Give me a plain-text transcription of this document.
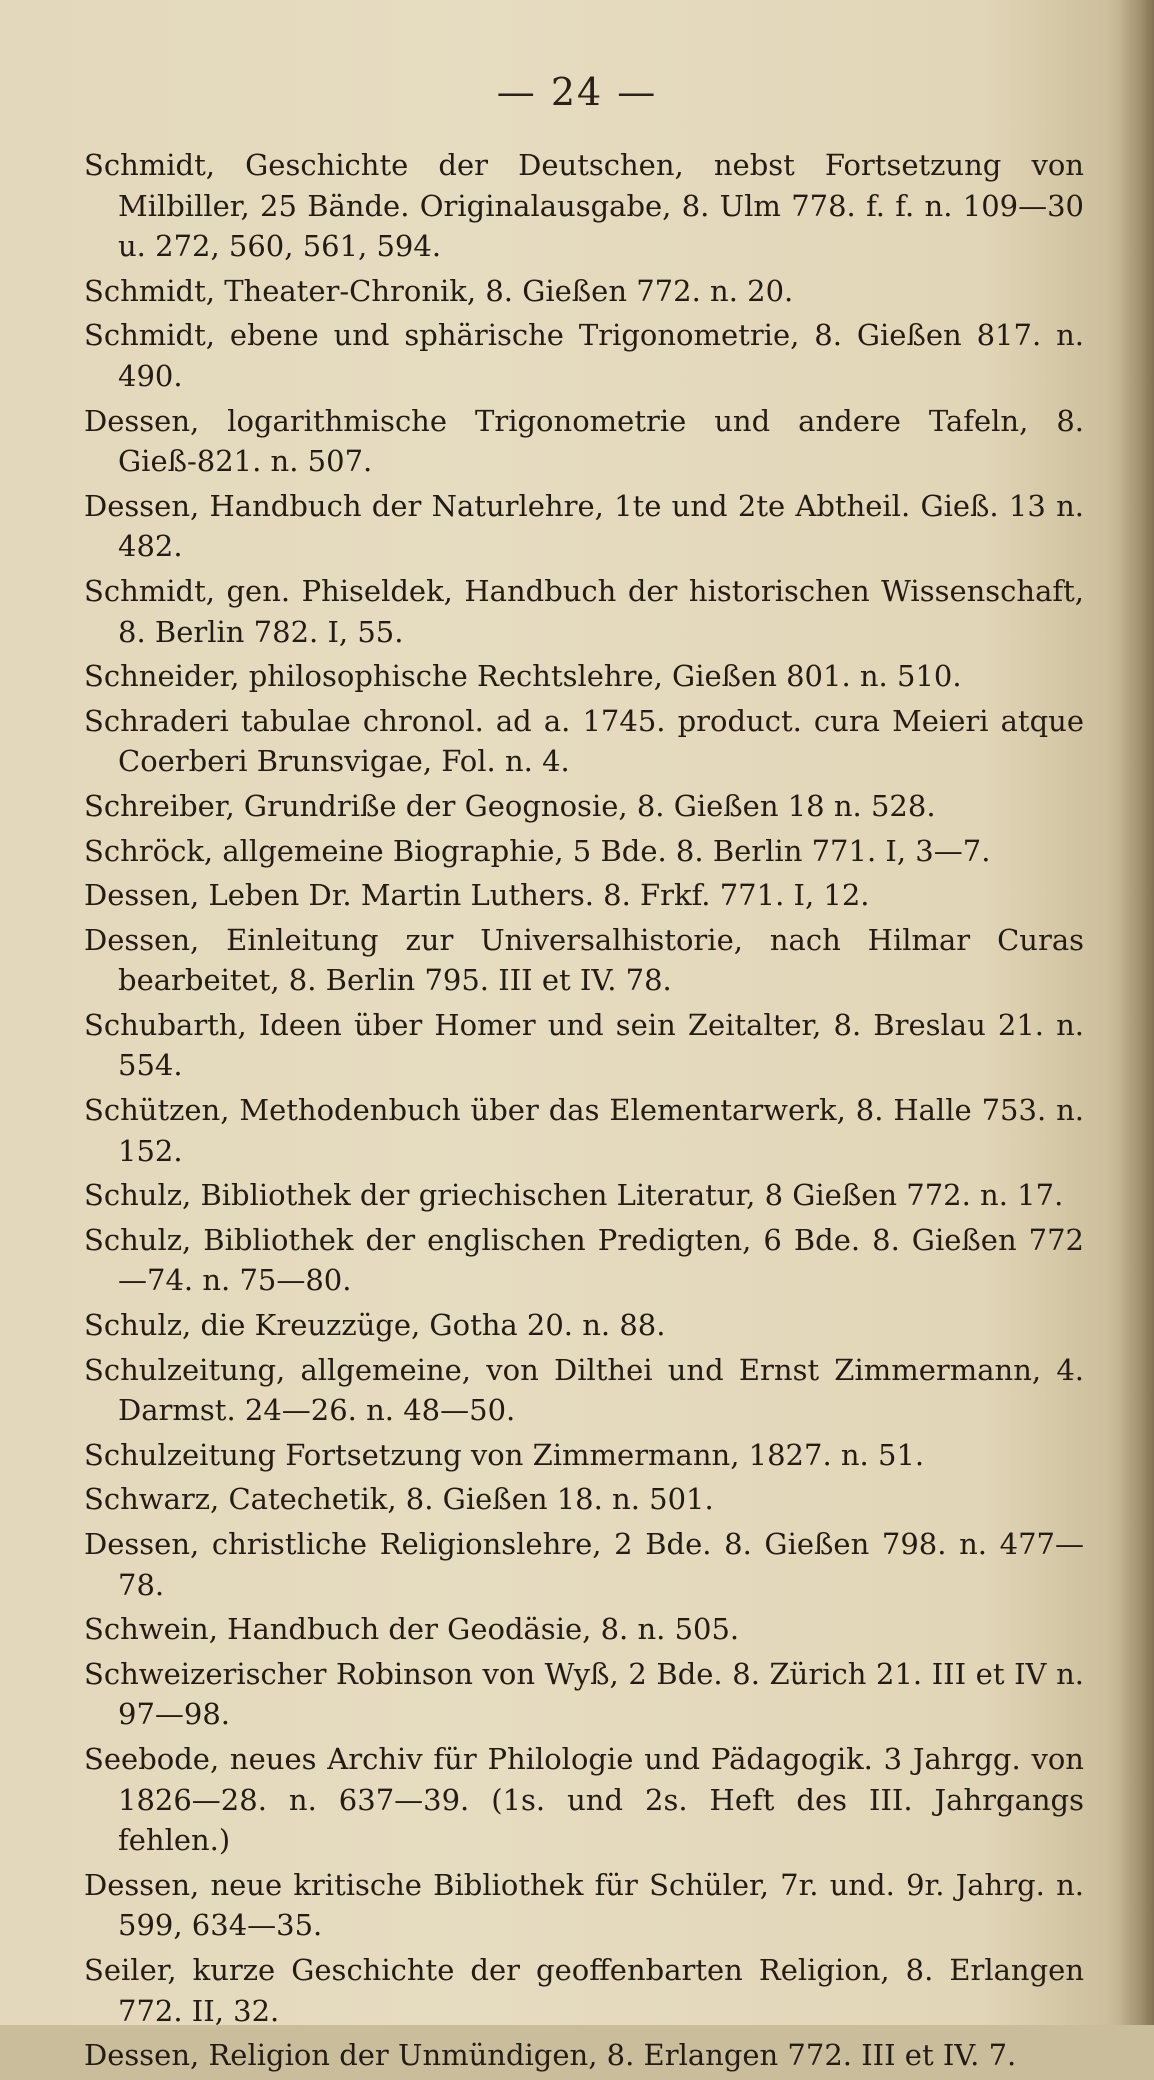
— 24 —
Schmidt, Geschichte der Deutschen, nebst Fortsetzung von Milbiller, 25 Bände. Originalausgabe, 8. Ulm 778. f. f. n. 109—30 u. 272, 560, 561, 594.
Schmidt, Theater-Chronik, 8. Gießen 772. n. 20.
Schmidt, ebene und sphärische Trigonometrie, 8. Gießen 817. n. 490.
Dessen, logarithmische Trigonometrie und andere Tafeln, 8. Gieß-821. n. 507.
Dessen, Handbuch der Naturlehre, 1te und 2te Abtheil. Gieß. 13 n. 482.
Schmidt, gen. Phiseldek, Handbuch der historischen Wissenschaft, 8. Berlin 782. I, 55.
Schneider, philosophische Rechtslehre, Gießen 801. n. 510.
Schraderi tabulae chronol. ad a. 1745. product. cura Meieri atque Coerberi Brunsvigae, Fol. n. 4.
Schreiber, Grundriße der Geognosie, 8. Gießen 18 n. 528.
Schröck, allgemeine Biographie, 5 Bde. 8. Berlin 771. I, 3—7.
Dessen, Leben Dr. Martin Luthers. 8. Frkf. 771. I, 12.
Dessen, Einleitung zur Universalhistorie, nach Hilmar Curas bearbeitet, 8. Berlin 795. III et IV. 78.
Schubarth, Ideen über Homer und sein Zeitalter, 8. Breslau 21. n. 554.
Schützen, Methodenbuch über das Elementarwerk, 8. Halle 753. n. 152.
Schulz, Bibliothek der griechischen Literatur, 8 Gießen 772. n. 17.
Schulz, Bibliothek der englischen Predigten, 6 Bde. 8. Gießen 772—74. n. 75—80.
Schulz, die Kreuzzüge, Gotha 20. n. 88.
Schulzeitung, allgemeine, von Dilthei und Ernst Zimmermann, 4. Darmst. 24—26. n. 48—50.
Schulzeitung Fortsetzung von Zimmermann, 1827. n. 51.
Schwarz, Catechetik, 8. Gießen 18. n. 501.
Dessen, christliche Religionslehre, 2 Bde. 8. Gießen 798. n. 477—78.
Schwein, Handbuch der Geodäsie, 8. n. 505.
Schweizerischer Robinson von Wyß, 2 Bde. 8. Zürich 21. III et IV n. 97—98.
Seebode, neues Archiv für Philologie und Pädagogik. 3 Jahrgg. von 1826—28. n. 637—39. (1s. und 2s. Heft des III. Jahrgangs fehlen.)
Dessen, neue kritische Bibliothek für Schüler, 7r. und. 9r. Jahrg. n. 599, 634—35.
Seiler, kurze Geschichte der geoffenbarten Religion, 8. Erlangen 772. II, 32.
Dessen, Religion der Unmündigen, 8. Erlangen 772. III et IV. 7.
